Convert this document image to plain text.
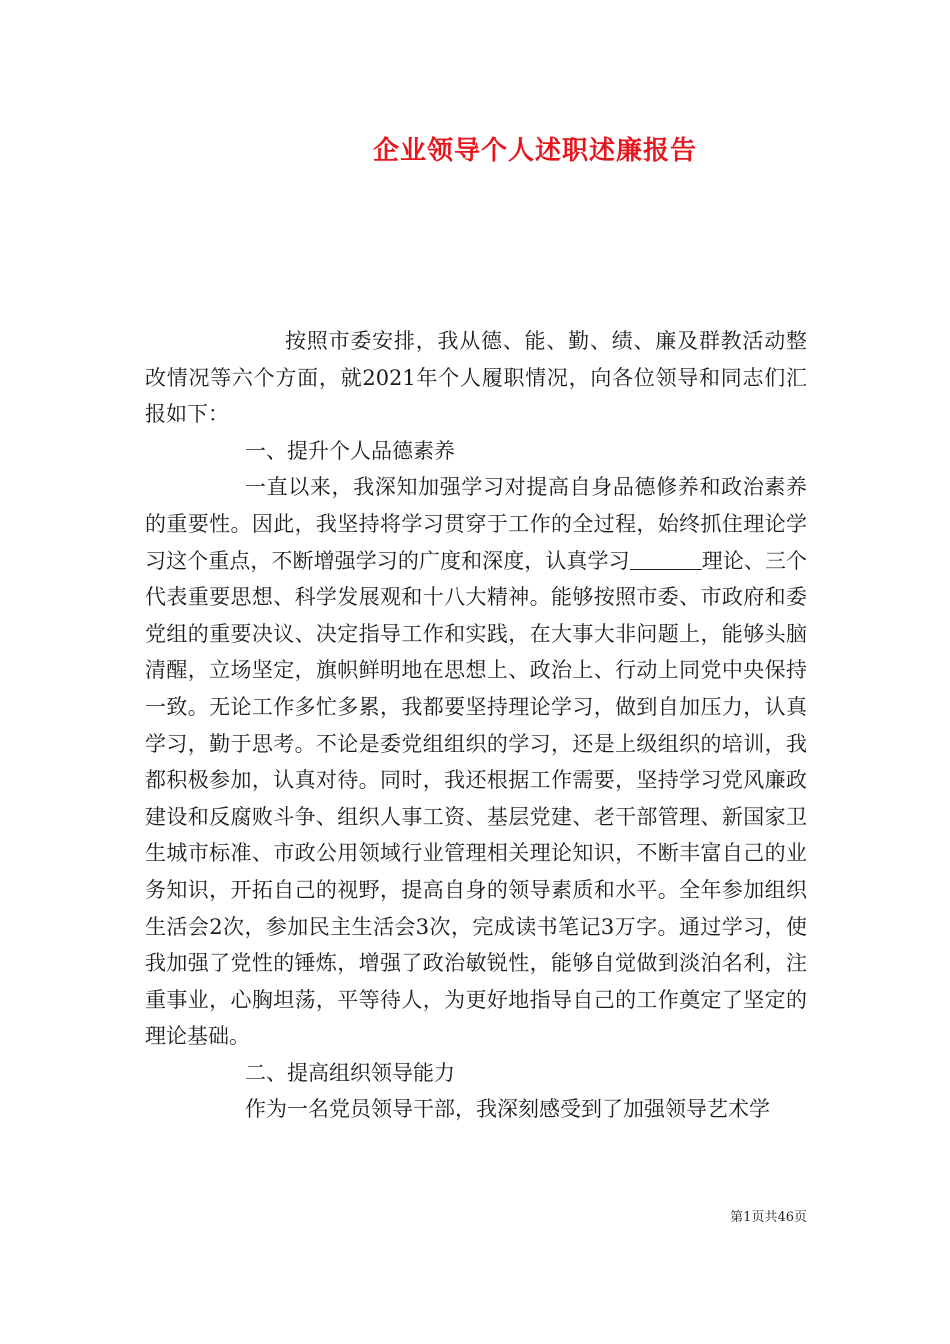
企业领导个人述职述廉报告

按照市委安排，我从德、能、勤、绩、廉及群教活动整改情况等六个方面，就2021年个人履职情况，向各位领导和同志们汇报如下：

一、提升个人品德素养

一直以来，我深知加强学习对提高自身品德修养和政治素养的重要性。因此，我坚持将学习贯穿于工作的全过程，始终抓住理论学习这个重点，不断增强学习的广度和深度，认真学习	理论、三个代表重要思想、科学发展观和十八大精神。能够按照市委、市政府和委党组的重要决议、决定指导工作和实践，在大事大非问题上，能够头脑清醒，立场坚定，旗帜鲜明地在思想上、政治上、行动上同党中央保持一致。无论工作多忙多累，我都要坚持理论学习，做到自加压力，认真学习，勤于思考。不论是委党组组织的学习，还是上级组织的培训，我都积极参加，认真对待。同时，我还根据工作需要，坚持学习党风廉政建设和反腐败斗争、组织人事工资、基层党建、老干部管理、新国家卫生城市标准、市政公用领域行业管理相关理论知识，不断丰富自己的业务知识，开拓自己的视野，提高自身的领导素质和水平。全年参加组织生活会2次，参加民主生活会3次，完成读书笔记3万字。通过学习，使我加强了党性的锤炼，增强了政治敏锐性，能够自觉做到淡泊名利，注重事业，心胸坦荡，平等待人，为更好地指导自己的工作奠定了坚定的理论基础。

二、提高组织领导能力

作为一名党员领导干部，我深刻感受到了加强领导艺术学

第1页共46页
